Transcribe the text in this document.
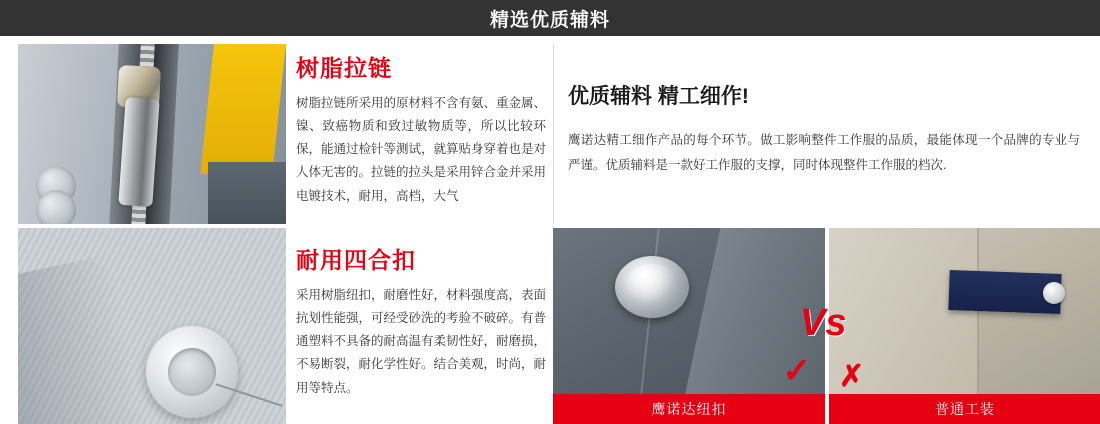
精选优质辅料
树脂拉链
树脂拉链所采用的原材料不含有氨、重金属、镍、致癌物质和致过敏物质等，所以比较环保，能通过检针等测试，就算贴身穿着也是对人体无害的。拉链的拉头是采用锌合金并采用电镀技术，耐用，高档，大气
优质辅料 精工细作!
鹰诺达精工细作产品的每个环节。做工影响整件工作服的品质，最能体现一个品牌的专业与严谨。优质辅料是一款好工作服的支撑，同时体现整件工作服的档次.
耐用四合扣
采用树脂纽扣，耐磨性好，材料强度高，表面抗划性能强，可经受砂洗的考验不破碎。有普通塑料不具备的耐高温有柔韧性好，耐磨损，不易断裂，耐化学性好。结合美观，时尚，耐用等特点。	✓
鹰诺达纽扣
Vs
✗
普通工装
